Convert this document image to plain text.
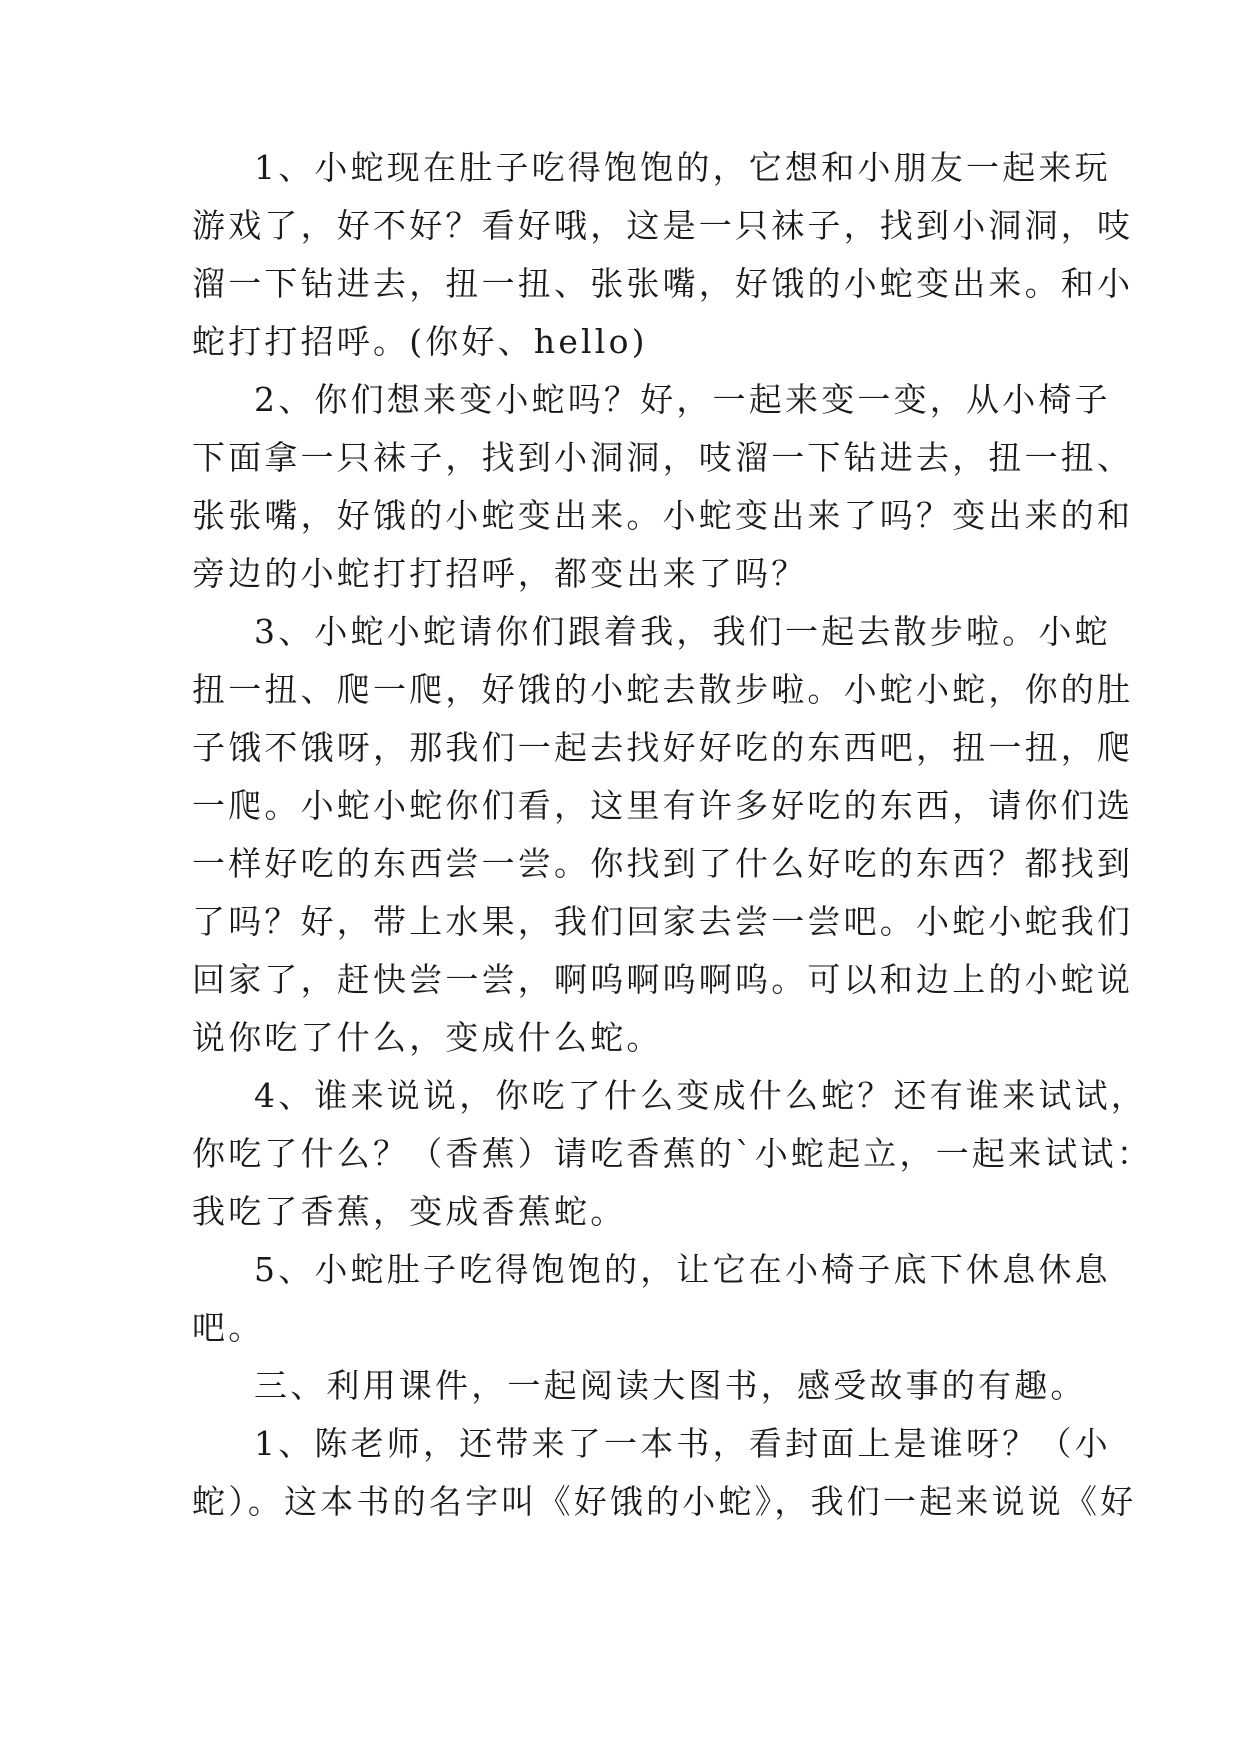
1、小蛇现在肚子吃得饱饱的，它想和小朋友一起来玩
游戏了，好不好？看好哦，这是一只袜子，找到小洞洞，吱
溜一下钻进去，扭一扭、张张嘴，好饿的小蛇变出来。和小
蛇打打招呼。(你好、hello)
2、你们想来变小蛇吗？好，一起来变一变，从小椅子
下面拿一只袜子，找到小洞洞，吱溜一下钻进去，扭一扭、
张张嘴，好饿的小蛇变出来。小蛇变出来了吗？变出来的和
旁边的小蛇打打招呼，都变出来了吗？
3、小蛇小蛇请你们跟着我，我们一起去散步啦。小蛇
扭一扭、爬一爬，好饿的小蛇去散步啦。小蛇小蛇，你的肚
子饿不饿呀，那我们一起去找好好吃的东西吧，扭一扭，爬
一爬。小蛇小蛇你们看，这里有许多好吃的东西，请你们选
一样好吃的东西尝一尝。你找到了什么好吃的东西？都找到
了吗？好，带上水果，我们回家去尝一尝吧。小蛇小蛇我们
回家了，赶快尝一尝，啊呜啊呜啊呜。可以和边上的小蛇说
说你吃了什么，变成什么蛇。
4、谁来说说，你吃了什么变成什么蛇？还有谁来试试，
你吃了什么？（香蕉）请吃香蕉的`小蛇起立，一起来试试：
我吃了香蕉，变成香蕉蛇。
5、小蛇肚子吃得饱饱的，让它在小椅子底下休息休息
吧。
三、利用课件，一起阅读大图书，感受故事的有趣。
1、陈老师，还带来了一本书，看封面上是谁呀？（小
蛇）。这本书的名字叫《好饿的小蛇》，我们一起来说说《好
